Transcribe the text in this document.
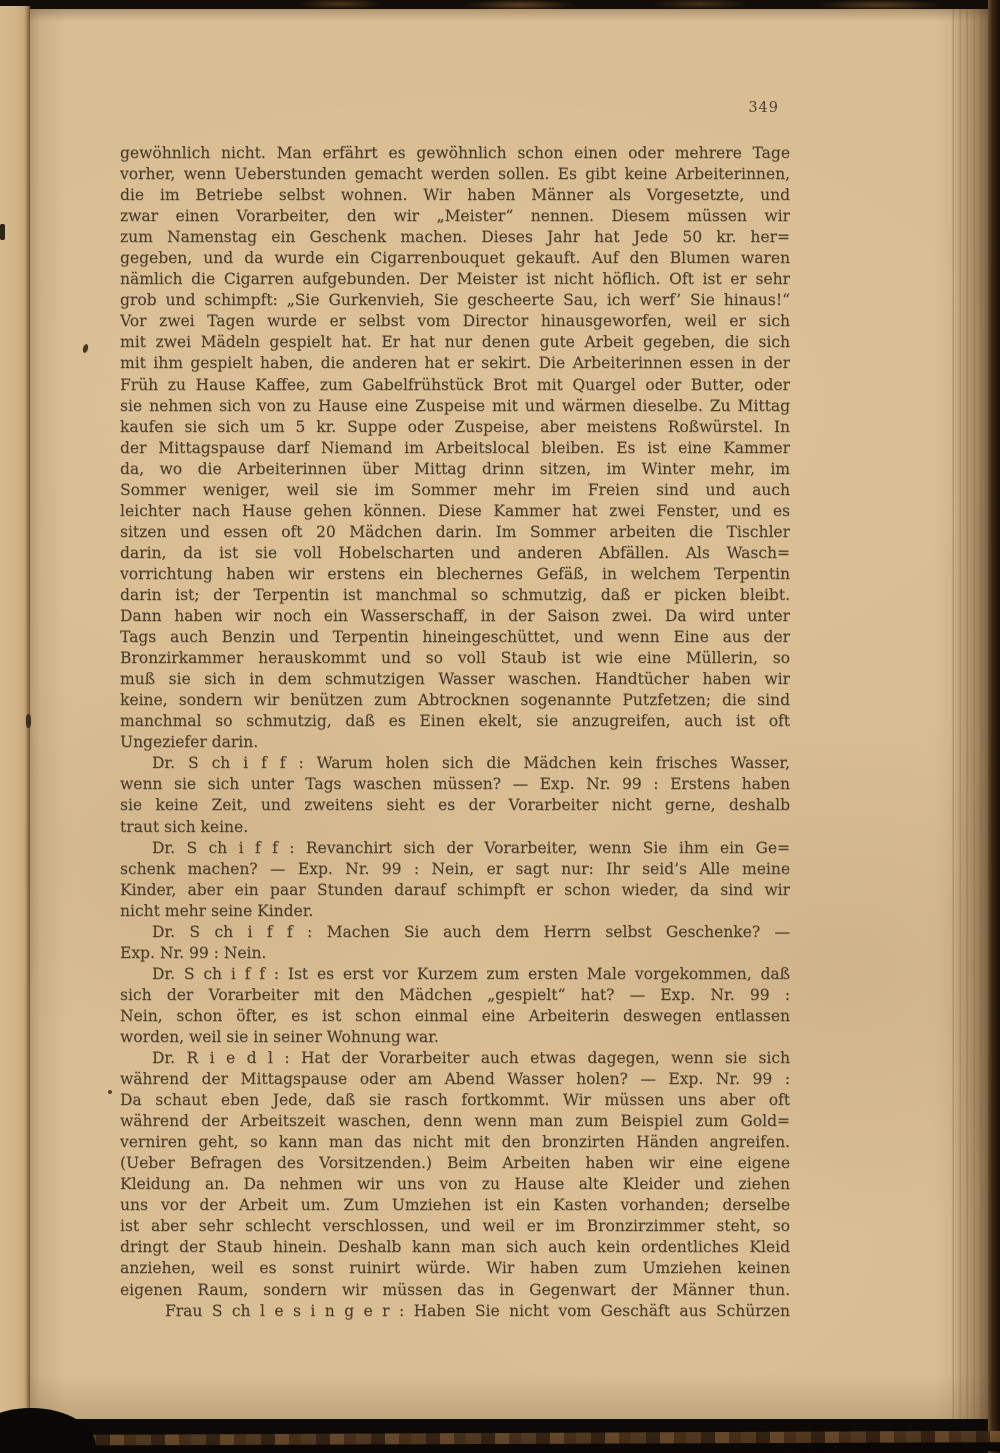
349
gewöhnlich nicht. Man erfährt es gewöhnlich schon einen oder mehrere Tage
vorher, wenn Ueberstunden gemacht werden sollen. Es gibt keine Arbeiterinnen,
die im Betriebe selbst wohnen. Wir haben Männer als Vorgesetzte, und
zwar einen Vorarbeiter, den wir „Meister“ nennen. Diesem müssen wir
zum Namenstag ein Geschenk machen. Dieses Jahr hat Jede 50 kr. her=
gegeben, und da wurde ein Cigarrenbouquet gekauft. Auf den Blumen waren
nämlich die Cigarren aufgebunden. Der Meister ist nicht höflich. Oft ist er sehr
grob und schimpft: „Sie Gurkenvieh, Sie gescheerte Sau, ich werf’ Sie hinaus!“
Vor zwei Tagen wurde er selbst vom Director hinausgeworfen, weil er sich
mit zwei Mädeln gespielt hat. Er hat nur denen gute Arbeit gegeben, die sich
mit ihm gespielt haben, die anderen hat er sekirt. Die Arbeiterinnen essen in der
Früh zu Hause Kaffee, zum Gabelfrühstück Brot mit Quargel oder Butter, oder
sie nehmen sich von zu Hause eine Zuspeise mit und wärmen dieselbe. Zu Mittag
kaufen sie sich um 5 kr. Suppe oder Zuspeise, aber meistens Roßwürstel. In
der Mittagspause darf Niemand im Arbeitslocal bleiben. Es ist eine Kammer
da, wo die Arbeiterinnen über Mittag drinn sitzen, im Winter mehr, im
Sommer weniger, weil sie im Sommer mehr im Freien sind und auch
leichter nach Hause gehen können. Diese Kammer hat zwei Fenster, und es
sitzen und essen oft 20 Mädchen darin. Im Sommer arbeiten die Tischler
darin, da ist sie voll Hobelscharten und anderen Abfällen. Als Wasch=
vorrichtung haben wir erstens ein blechernes Gefäß, in welchem Terpentin
darin ist; der Terpentin ist manchmal so schmutzig, daß er picken bleibt.
Dann haben wir noch ein Wasserschaff, in der Saison zwei. Da wird unter
Tags auch Benzin und Terpentin hineingeschüttet, und wenn Eine aus der
Bronzirkammer herauskommt und so voll Staub ist wie eine Müllerin, so
muß sie sich in dem schmutzigen Wasser waschen. Handtücher haben wir
keine, sondern wir benützen zum Abtrocknen sogenannte Putzfetzen; die sind
manchmal so schmutzig, daß es Einen ekelt, sie anzugreifen, auch ist oft
Ungeziefer darin.
Dr. S ch i f f : Warum holen sich die Mädchen kein frisches Wasser,
wenn sie sich unter Tags waschen müssen? — Exp. Nr. 99 : Erstens haben
sie keine Zeit, und zweitens sieht es der Vorarbeiter nicht gerne, deshalb
traut sich keine.
Dr. S ch i f f : Revanchirt sich der Vorarbeiter, wenn Sie ihm ein Ge=
schenk machen? — Exp. Nr. 99 : Nein, er sagt nur: Ihr seid’s Alle meine
Kinder, aber ein paar Stunden darauf schimpft er schon wieder, da sind wir
nicht mehr seine Kinder.
Dr. S ch i f f : Machen Sie auch dem Herrn selbst Geschenke? —
Exp. Nr. 99 : Nein.
Dr. S ch i f f : Ist es erst vor Kurzem zum ersten Male vorgekommen, daß
sich der Vorarbeiter mit den Mädchen „gespielt“ hat? — Exp. Nr. 99 :
Nein, schon öfter, es ist schon einmal eine Arbeiterin deswegen entlassen
worden, weil sie in seiner Wohnung war.
Dr. R i e d l : Hat der Vorarbeiter auch etwas dagegen, wenn sie sich
während der Mittagspause oder am Abend Wasser holen? — Exp. Nr. 99 :
Da schaut eben Jede, daß sie rasch fortkommt. Wir müssen uns aber oft
während der Arbeitszeit waschen, denn wenn man zum Beispiel zum Gold=
verniren geht, so kann man das nicht mit den bronzirten Händen angreifen.
(Ueber Befragen des Vorsitzenden.) Beim Arbeiten haben wir eine eigene
Kleidung an. Da nehmen wir uns von zu Hause alte Kleider und ziehen
uns vor der Arbeit um. Zum Umziehen ist ein Kasten vorhanden; derselbe
ist aber sehr schlecht verschlossen, und weil er im Bronzirzimmer steht, so
dringt der Staub hinein. Deshalb kann man sich auch kein ordentliches Kleid
anziehen, weil es sonst ruinirt würde. Wir haben zum Umziehen keinen
eigenen Raum, sondern wir müssen das in Gegenwart der Männer thun.
Frau S ch l e s i n g e r : Haben Sie nicht vom Geschäft aus Schürzen
